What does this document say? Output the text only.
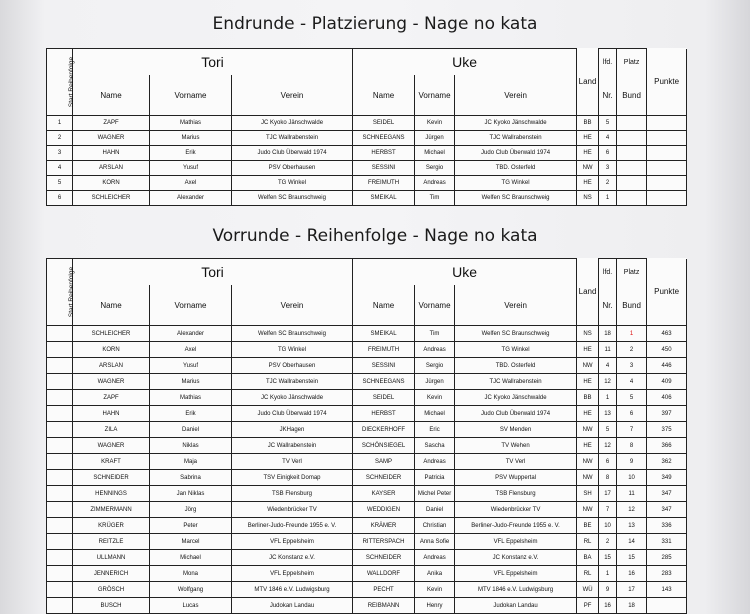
Endrunde - Platzierung - Nage no kata
Start Reihenfolge	Tori			Uke			Land	lfd.	Platz	Punkte
	Name	Vorname	Verein	Name	Vorname	Verein		Nr.	Bund	
1	ZAPF	Mathias	JC Kyoko Jänschwalde	SEIDEL	Kevin	JC Kyoko Jänschwalde	BB	5		
2	WAGNER	Marius	TJC Wallrabenstein	SCHNEEGANS	Jürgen	TJC Wallrabenstein	HE	4		
3	HAHN	Erik	Judo Club Überwald 1974	HERBST	Michael	Judo Club Überwald 1974	HE	6		
4	ARSLAN	Yusuf	PSV Oberhausen	SESSINI	Sergio	TBD. Osterfeld	NW	3		
5	KORN	Axel	TG Winkel	FREIMUTH	Andreas	TG Winkel	HE	2		
6	SCHLEICHER	Alexander	Welfen SC Braunschweig	SMEIKAL	Tim	Welfen SC Braunschweig	NS	1		
Vorrunde - Reihenfolge - Nage no kata
Start Reihenfolge	Tori			Uke			Land	lfd.	Platz	Punkte
	Name	Vorname	Verein	Name	Vorname	Verein		Nr.	Bund	
	SCHLEICHER	Alexander	Welfen SC Braunschweig	SMEIKAL	Tim	Welfen SC Braunschweig	NS	18	1	463
	KORN	Axel	TG Winkel	FREIMUTH	Andreas	TG Winkel	HE	11	2	450
	ARSLAN	Yusuf	PSV Oberhausen	SESSINI	Sergio	TBD. Osterfeld	NW	4	3	446
	WAGNER	Marius	TJC Wallrabenstein	SCHNEEGANS	Jürgen	TJC Wallrabenstein	HE	12	4	409
	ZAPF	Mathias	JC Kyoko Jänschwalde	SEIDEL	Kevin	JC Kyoko Jänschwalde	BB	1	5	406
	HAHN	Erik	Judo Club Überwald 1974	HERBST	Michael	Judo Club Überwald 1974	HE	13	6	397
	ZILA	Daniel	JKHagen	DIECKERHOFF	Eric	SV Menden	NW	5	7	375
	WAGNER	Niklas	JC Wallrabenstein	SCHÖNSIEGEL	Sascha	TV Wehen	HE	12	8	366
	KRAFT	Maja	TV Verl	SAMP	Andreas	TV Verl	NW	6	9	362
	SCHNEIDER	Sabrina	TSV Einigkeit Domap	SCHNEIDER	Patricia	PSV Wuppertal	NW	8	10	349
	HENNINGS	Jan Niklas	TSB Flensburg	KAYSER	Michel Peter	TSB Flensburg	SH	17	11	347
	ZIMMERMANN	Jörg	Wiedenbrücker TV	WEDDIGEN	Daniel	Wiedenbrücker TV	NW	7	12	347
	KRÜGER	Peter	Berliner-Judo-Freunde 1955 e. V.	KRÄMER	Christian	Berliner-Judo-Freunde 1955 e. V.	BE	10	13	336
	REITZLE	Marcel	VFL Eppelsheim	RITTERSPACH	Anna Sofie	VFL Eppelsheim	RL	2	14	331
	ULLMANN	Michael	JC Konstanz e.V.	SCHNEIDER	Andreas	JC Konstanz e.V.	BA	15	15	285
	JENNERICH	Mona	VFL Eppelsheim	WALLDORF	Anika	VFL Eppelsheim	RL	1	16	283
	GRÖSCH	Wolfgang	MTV 1846 e.V. Ludwigsburg	PECHT	Kevin	MTV 1846 e.V. Ludwigsburg	WÜ	9	17	143
	BUSCH	Lucas	Judokan Landau	REIBMANN	Henry	Judokan Landau	PF	16	18	
